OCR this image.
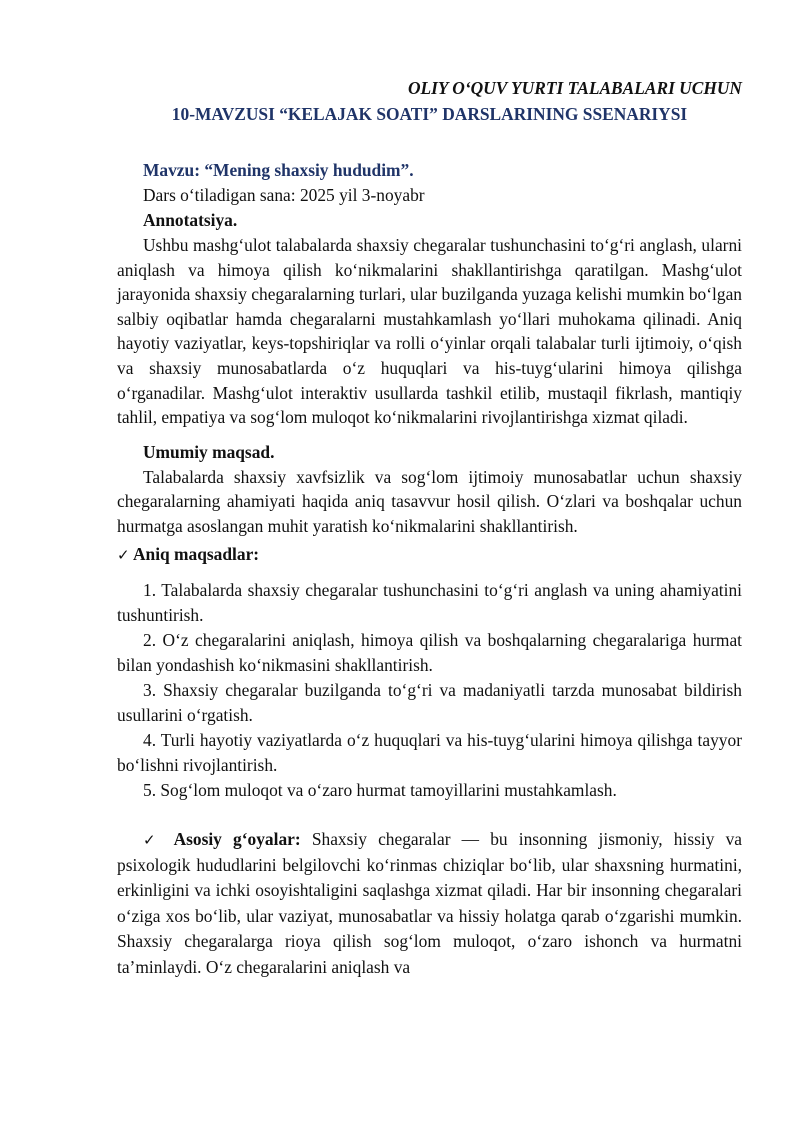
OLIY O‘QUV YURTI TALABALARI UCHUN

10-MAVZUSI “KELAJAK SOATI” DARSLARINING SSENARIYSI

Mavzu: “Mening shaxsiy hududim”.
Dars o‘tiladigan sana: 2025 yil 3-noyabr
Annotatsiya.

Ushbu mashg‘ulot talabalarda shaxsiy chegaralar tushunchasini to‘g‘ri anglash, ularni aniqlash va himoya qilish ko‘nikmalarini shakllantirishga qaratilgan. Mashg‘ulot jarayonida shaxsiy chegaralarning turlari, ular buzilganda yuzaga kelishi mumkin bo‘lgan salbiy oqibatlar hamda chegaralarni mustahkamlash yo‘llari muhokama qilinadi. Aniq hayotiy vaziyatlar, keys-topshiriqlar va rolli o‘yinlar orqali talabalar turli ijtimoiy, o‘qish va shaxsiy munosabatlarda o‘z huquqlari va his-tuyg‘ularini himoya qilishga o‘rganadilar. Mashg‘ulot interaktiv usullarda tashkil etilib, mustaqil fikrlash, mantiqiy tahlil, empatiya va sog‘lom muloqot ko‘nikmalarini rivojlantirishga xizmat qiladi.

Umumiy maqsad.

Talabalarda shaxsiy xavfsizlik va sog‘lom ijtimoiy munosabatlar uchun shaxsiy chegaralarning ahamiyati haqida aniq tasavvur hosil qilish. O‘zlari va boshqalar uchun hurmatga asoslangan muhit yaratish ko‘nikmalarini shakllantirish.

✓ Aniq maqsadlar:
1. Talabalarda shaxsiy chegaralar tushunchasini to‘g‘ri anglash va uning ahamiyatini tushuntirish.
2. O‘z chegaralarini aniqlash, himoya qilish va boshqalarning chegaralariga hurmat bilan yondashish ko‘nikmasini shakllantirish.
3. Shaxsiy chegaralar buzilganda to‘g‘ri va madaniyatli tarzda munosabat bildirish usullarini o‘rgatish.
4. Turli hayotiy vaziyatlarda o‘z huquqlari va his-tuyg‘ularini himoya qilishga tayyor bo‘lishni rivojlantirish.
5. Sog‘lom muloqot va o‘zaro hurmat tamoyillarini mustahkamlash.

✓ Asosiy g‘oyalar: Shaxsiy chegaralar — bu insonning jismoniy, hissiy va psixologik hududlarini belgilovchi ko‘rinmas chiziqlar bo‘lib, ular shaxsning hurmatini, erkinligini va ichki osoyishtaligini saqlashga xizmat qiladi. Har bir insonning chegaralari o‘ziga xos bo‘lib, ular vaziyat, munosabatlar va hissiy holatga qarab o‘zgarishi mumkin. Shaxsiy chegaralarga rioya qilish sog‘lom muloqot, o‘zaro ishonch va hurmatni ta’minlaydi. O‘z chegaralarini aniqlash va
